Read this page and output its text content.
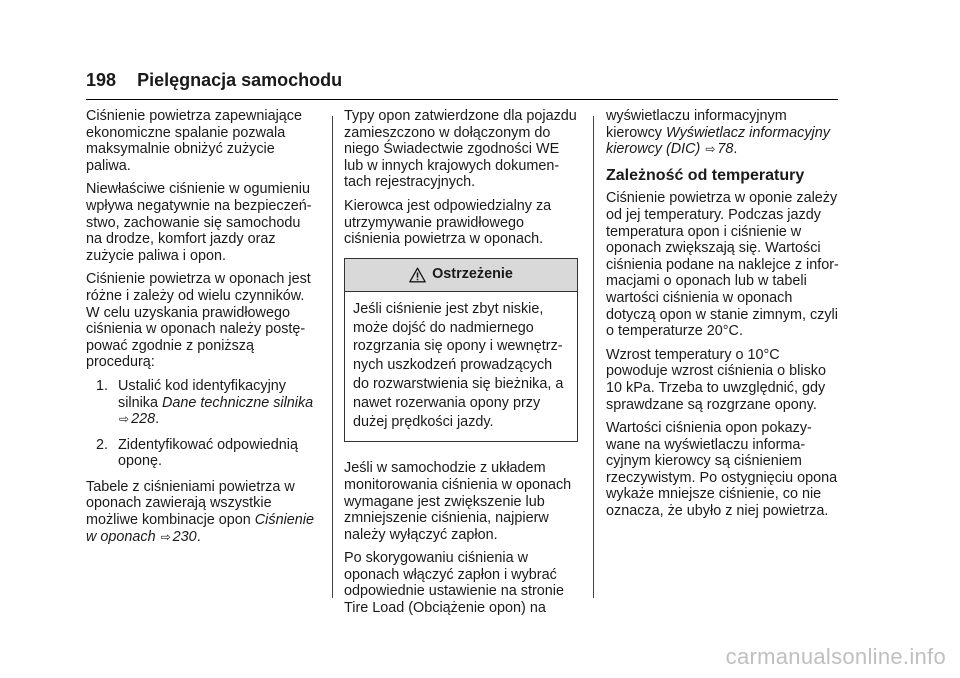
198 Pielęgnacja samochodu

Ciśnienie powietrza zapewniające ekonomiczne spalanie pozwala maksymalnie obniżyć zużycie paliwa.

Niewłaściwe ciśnienie w ogumieniu wpływa negatywnie na bezpieczeń-stwo, zachowanie się samochodu na drodze, komfort jazdy oraz zużycie paliwa i opon.

Ciśnienie powietrza w oponach jest różne i zależy od wielu czynników. W celu uzyskania prawidłowego ciśnienia w oponach należy postę-pować zgodnie z poniższą procedurą:

1. Ustalić kod identyfikacyjny silnika Dane techniczne silnika
⇨ 228.
2. Zidentyfikować odpowiednią oponę.

Tabele z ciśnieniami powietrza w oponach zawierają wszystkie możliwe kombinacje opon Ciśnienie w oponach ⇨ 230.

Typy opon zatwierdzone dla pojazdu zamieszczono w dołączonym do niego Świadectwie zgodności WE lub w innych krajowych dokumen-tach rejestracyjnych.

Kierowca jest odpowiedzialny za utrzymywanie prawidłowego ciśnienia powietrza w oponach.

Ostrzeżenie
Jeśli ciśnienie jest zbyt niskie, może dojść do nadmiernego rozgrzania się opony i wewnętrz-nych uszkodzeń prowadzących do rozwarstwienia się bieżnika, a nawet rozerwania opony przy dużej prędkości jazdy.

Jeśli w samochodzie z układem monitorowania ciśnienia w oponach wymagane jest zwiększenie lub zmniejszenie ciśnienia, najpierw należy wyłączyć zapłon.

Po skorygowaniu ciśnienia w oponach włączyć zapłon i wybrać odpowiednie ustawienie na stronie Tire Load (Obciążenie opon) na

wyświetlaczu informacyjnym kierowcy Wyświetlacz informacyjny kierowcy (DIC) ⇨ 78.

Zależność od temperatury

Ciśnienie powietrza w oponie zależy od jej temperatury. Podczas jazdy temperatura opon i ciśnienie w oponach zwiększają się. Wartości ciśnienia podane na naklejce z infor-macjami o oponach lub w tabeli wartości ciśnienia w oponach dotyczą opon w stanie zimnym, czyli o temperaturze 20°C.

Wzrost temperatury o 10°C powoduje wzrost ciśnienia o blisko 10 kPa. Trzeba to uwzględnić, gdy sprawdzane są rozgrzane opony.

Wartości ciśnienia opon pokazy-wane na wyświetlaczu informa-cyjnym kierowcy są ciśnieniem rzeczywistym. Po ostygnięciu opona wykaże mniejsze ciśnienie, co nie oznacza, że ubyło z niej powietrza.

carmanualsonline.info
